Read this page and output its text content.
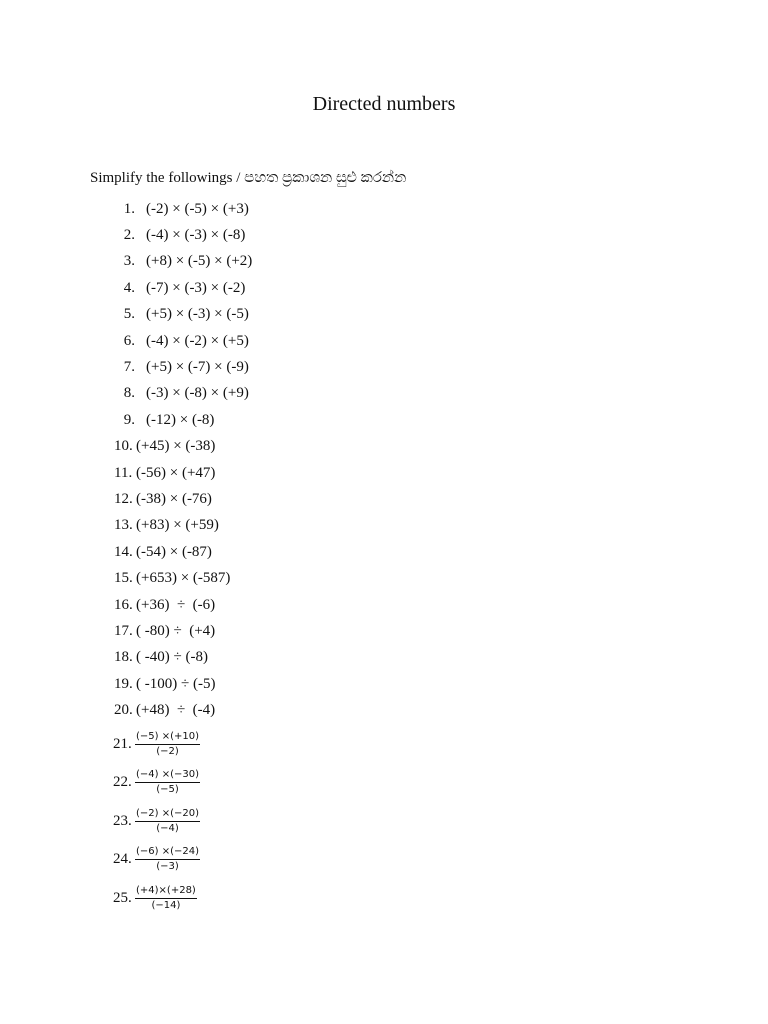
Directed numbers
Simplify the followings / පහත ප්‍රකාශන සුළු කරන්න
1. (-2) × (-5) × (+3)
2. (-4) × (-3) × (-8)
3. (+8) × (-5) × (+2)
4. (-7) × (-3) × (-2)
5. (+5) × (-3) × (-5)
6. (-4) × (-2) × (+5)
7. (+5) × (-7) × (-9)
8. (-3) × (-8) × (+9)
9. (-12) × (-8)
10. (+45) × (-38)
11. (-56) × (+47)
12. (-38) × (-76)
13. (+83) × (+59)
14. (-54) × (-87)
15. (+653) × (-587)
16. (+36)  ÷  (-6)
17. ( -80) ÷  (+4)
18. ( -40) ÷ (-8)
19. ( -100) ÷ (-5)
20. (+48)  ÷  (-4)
21. $\frac{(-5) \times(+10)}{(-2)}$
22. $\frac{(-4) \times(-30)}{(-5)}$
23. $\frac{(-2) \times(-20)}{(-4)}$
24. $\frac{(-6) \times(-24)}{(-3)}$
25. $\frac{(+4)\times(+28)}{(-14)}$
